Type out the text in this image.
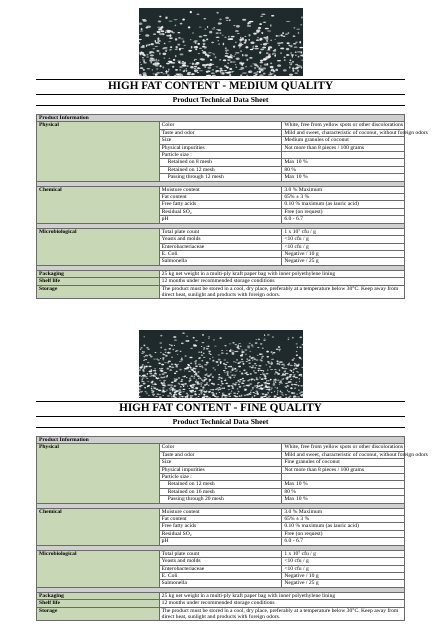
HIGH FAT CONTENT - MEDIUM QUALITY
Product Technical Data Sheet
Product Information		
Physical	Color	White, free from yellow spots or other discolorations
	Taste and odor	Mild and sweet, characteristic of coconut, without foreign odors
	Size	Medium granules of coconut
	Physical impurities	Not more than 8 pieces / 100 grams
	Particle size :	
	Retained on 8 mesh	Max 10 %
	Retained on 12 mesh	80 %
	Passing through 12 mesh	Max 10 %

Chemical	Moisture content	3.0 % Maximum
	Fat content	65% ± 3 %
	Free fatty acids	0.10 % maximum (as lauric acid)
	Residual SO₂	Free (on request)
	pH	6.0 - 6.7

Microbiological	Total plate count	1 x 10⁷ cfu / g
	Yeasts and molds	<10 cfu / g
	Enterobacteriaceae	<10 cfu / g
	E. Coli	Negative / 10 g
	Salmonella	Negative / 25 g

Packaging	25 kg net weight in a multi-ply kraft paper bag with inner polyethylene lining	
Shelf life	12 months under recommended storage conditions	
Storage	The product must be stored in a cool, dry place, preferably at a temperature below 30°C. Keep away from direct heat, sunlight and products with foreign odors.	
HIGH FAT CONTENT - FINE QUALITY
Product Technical Data Sheet
Product Information		
Physical	Color	White, free from yellow spots or other discolorations
	Taste and odor	Mild and sweet, characteristic of coconut, without foreign odors
	Size	Fine granules of coconut
	Physical impurities	Not more than 8 pieces / 100 grams
	Particle size :	
	Retained on 12 mesh	Max 10 %
	Retained on 16 mesh	80 %
	Passing through 20 mesh	Max 10 %

Chemical	Moisture content	3.0 % Maximum
	Fat content	65% ± 3 %
	Free fatty acids	0.10 % maximum (as lauric acid)
	Residual SO₂	Free (on request)
	pH	6.0 - 6.7

Microbiological	Total plate count	1 x 10⁷ cfu / g
	Yeasts and molds	<10 cfu / g
	Enterobacteriaceae	<10 cfu / g
	E. Coli	Negative / 10 g
	Salmonella	Negative / 25 g

Packaging	25 kg net weight in a multi-ply kraft paper bag with inner polyethylene lining	
Shelf life	12 months under recommended storage conditions	
Storage	The product must be stored in a cool, dry place, preferably at a temperature below 30°C. Keep away from direct heat, sunlight and products with foreign odors.	
